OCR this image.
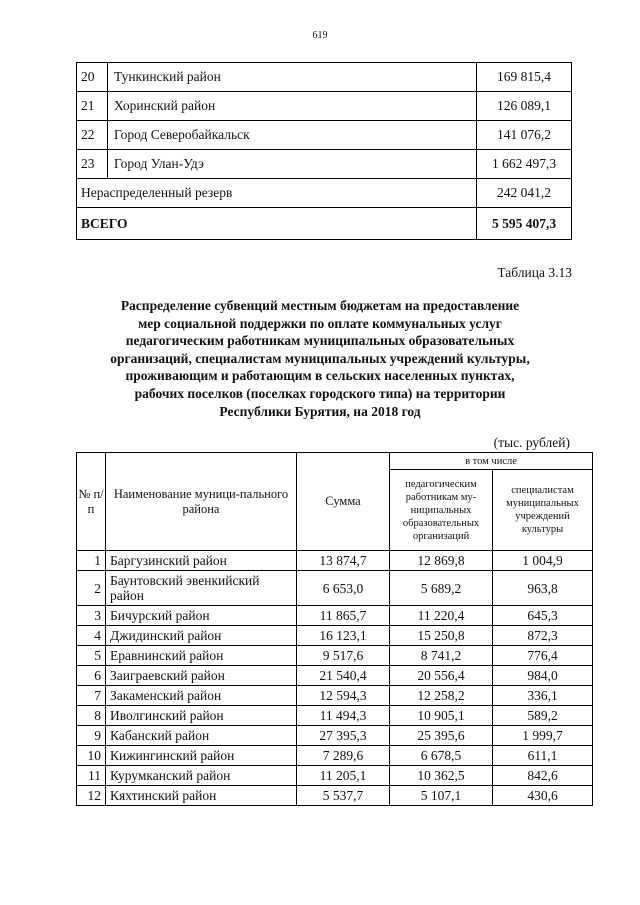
619
20	Тункинский район	169 815,4
21	Хоринский район	126 089,1
22	Город Северобайкальск	141 076,2
23	Город Улан-Удэ	1 662 497,3
Нераспределенный резерв		242 041,2
ВСЕГО		5 595 407,3
Таблица 3.13
Распределение субвенций местным бюджетам на предоставление
мер социальной поддержки по оплате коммунальных услуг
педагогическим работникам муниципальных образовательных
организаций, специалистам муниципальных учреждений культуры,
проживающим и работающим в сельских населенных пунктах,
рабочих поселков (поселках городского типа) на территории
Республики Бурятия, на 2018 год
(тыс. рублей)
№ п/п	Наименование муници-пального района	Сумма	в том числе	
			педагогическим работникам му-ниципальных образовательных организаций	специалистам муниципальных учреждений культуры
1	Баргузинский район	13 874,7	12 869,8	1 004,9
2	Баунтовский эвенкийский район	6 653,0	5 689,2	963,8
3	Бичурский район	11 865,7	11 220,4	645,3
4	Джидинский район	16 123,1	15 250,8	872,3
5	Еравнинский район	9 517,6	8 741,2	776,4
6	Заиграевский район	21 540,4	20 556,4	984,0
7	Закаменский район	12 594,3	12 258,2	336,1
8	Иволгинский район	11 494,3	10 905,1	589,2
9	Кабанский район	27 395,3	25 395,6	1 999,7
10	Кижингинский район	7 289,6	6 678,5	611,1
11	Курумканский район	11 205,1	10 362,5	842,6
12	Кяхтинский район	5 537,7	5 107,1	430,6
